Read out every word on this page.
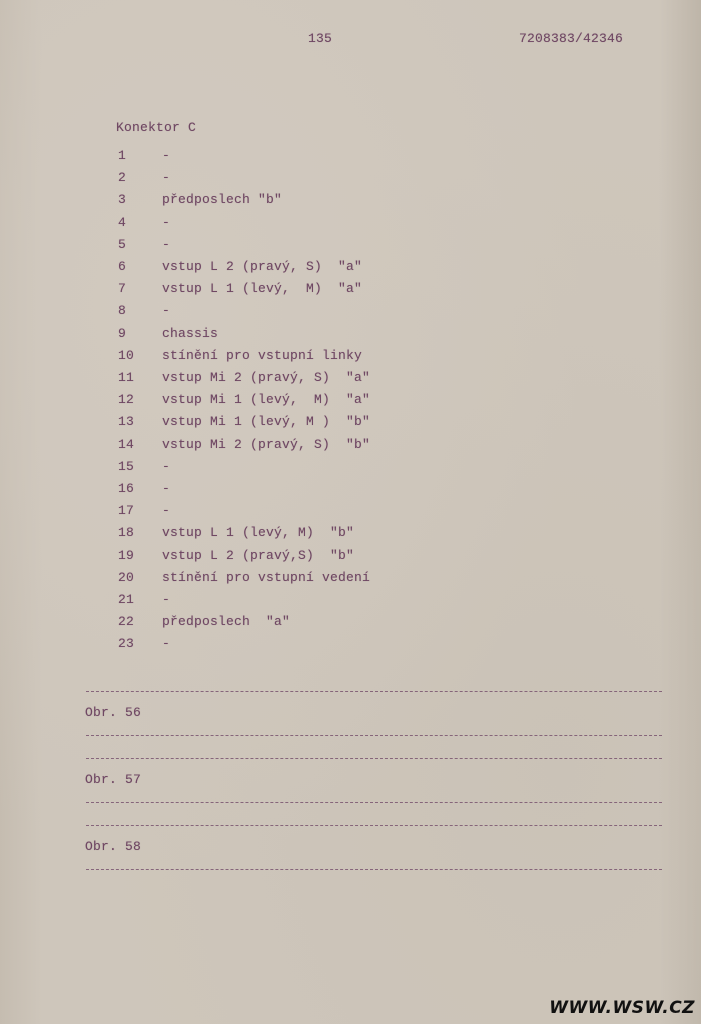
135	7208383/42346
Konektor C
1	-
2	-
3	předposlech "b"
4	-
5	-
6	vstup L 2 (pravý, S)  "a"
7	vstup L 1 (levý,  M)  "a"
8	-
9	chassis
10	stínění pro vstupní linky
11	vstup Mi 2 (pravý, S)  "a"
12	vstup Mi 1 (levý,  M)  "a"
13	vstup Mi 1 (levý, M )  "b"
14	vstup Mi 2 (pravý, S)  "b"
15	-
16	-
17	-
18	vstup L 1 (levý, M)  "b"
19	vstup L 2 (pravý,S)  "b"
20	stínění pro vstupní vedení
21	-
22	předposlech  "a"
23	-
Obr. 56
Obr. 57
Obr. 58
WWW.WSW.CZ
